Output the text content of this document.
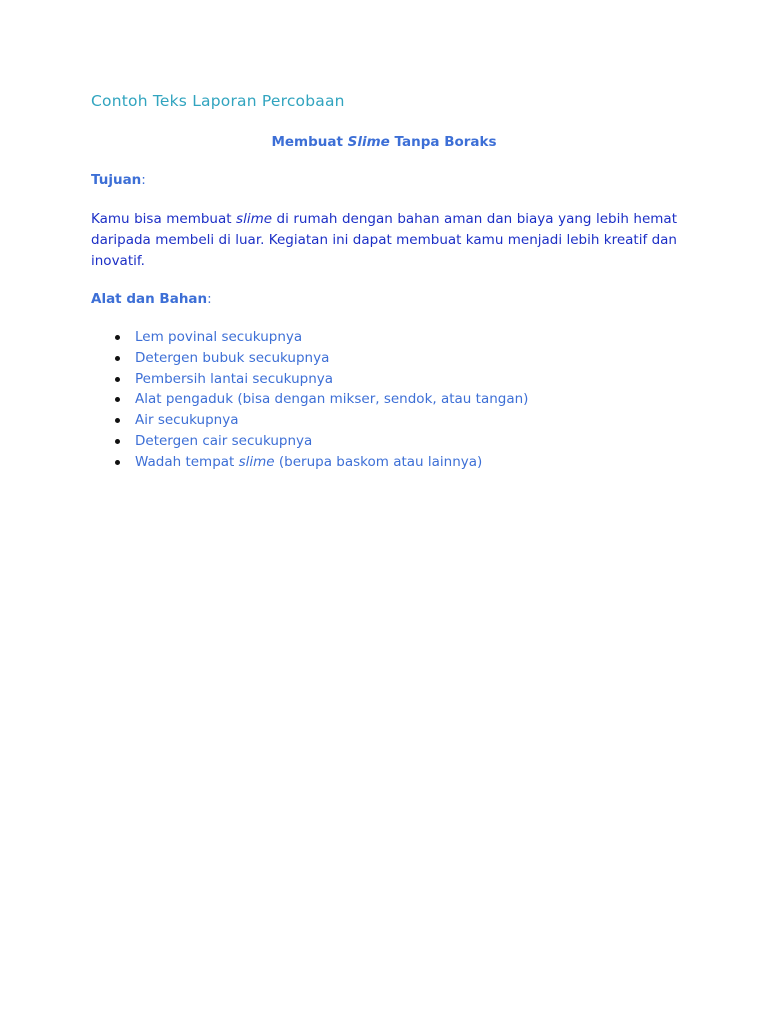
Contoh Teks Laporan Percobaan
Membuat Slime Tanpa Boraks
Tujuan:

Kamu bisa membuat slime di rumah dengan bahan aman dan biaya yang lebih hemat daripada membeli di luar. Kegiatan ini dapat membuat kamu menjadi lebih kreatif dan inovatif.

Alat dan Bahan:
Lem povinal secukupnya
Detergen bubuk secukupnya
Pembersih lantai secukupnya
Alat pengaduk (bisa dengan mikser, sendok, atau tangan)
Air secukupnya
Detergen cair secukupnya
Wadah tempat slime (berupa baskom atau lainnya)
